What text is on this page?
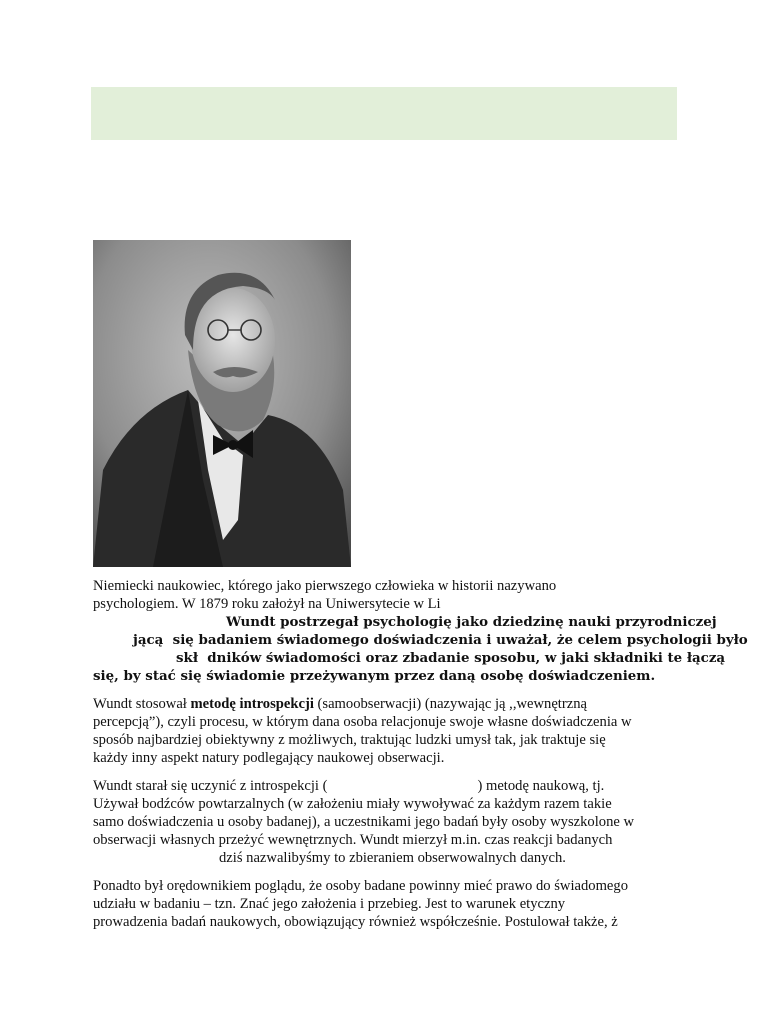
Niemiecki naukowiec, którego jako pierwszego człowieka w historii nazywano
psychologiem. W 1879 roku założył na Uniwersytecie w Li
Wundt postrzegał psychologię jako dziedzinę nauki przyrodniczej
jącą  się badaniem świadomego doświadczenia i uważał, że celem psychologii było
skł  dników świadomości oraz zbadanie sposobu, w jaki składniki te łączą
się, by stać się świadomie przeżywanym przez daną osobę doświadczeniem.
Wundt stosował metodę introspekcji (samoobserwacji) (nazywając ją ,,wewnętrzną
percepcją”), czyli procesu, w którym dana osoba relacjonuje swoje własne doświadczenia w
sposób najbardziej obiektywny z możliwych, traktując ludzki umysł tak, jak traktuje się
każdy inny aspekt natury podlegający naukowej obserwacji.
Wundt starał się uczynić z introspekcji (	) metodę naukową, tj.
Używał bodźców powtarzalnych (w założeniu miały wywoływać za każdym razem takie
samo doświadczenia u osoby badanej), a uczestnikami jego badań były osoby wyszkolone w
obserwacji własnych przeżyć wewnętrznych. Wundt mierzył m.in. czas reakcji badanych
dziś nazwalibyśmy to zbieraniem obserwowalnych danych.
Ponadto był orędownikiem poglądu, że osoby badane powinny mieć prawo do świadomego
udziału w badaniu – tzn. Znać jego założenia i przebieg. Jest to warunek etyczny
prowadzenia badań naukowych, obowiązujący również współcześnie. Postulował także, ż
